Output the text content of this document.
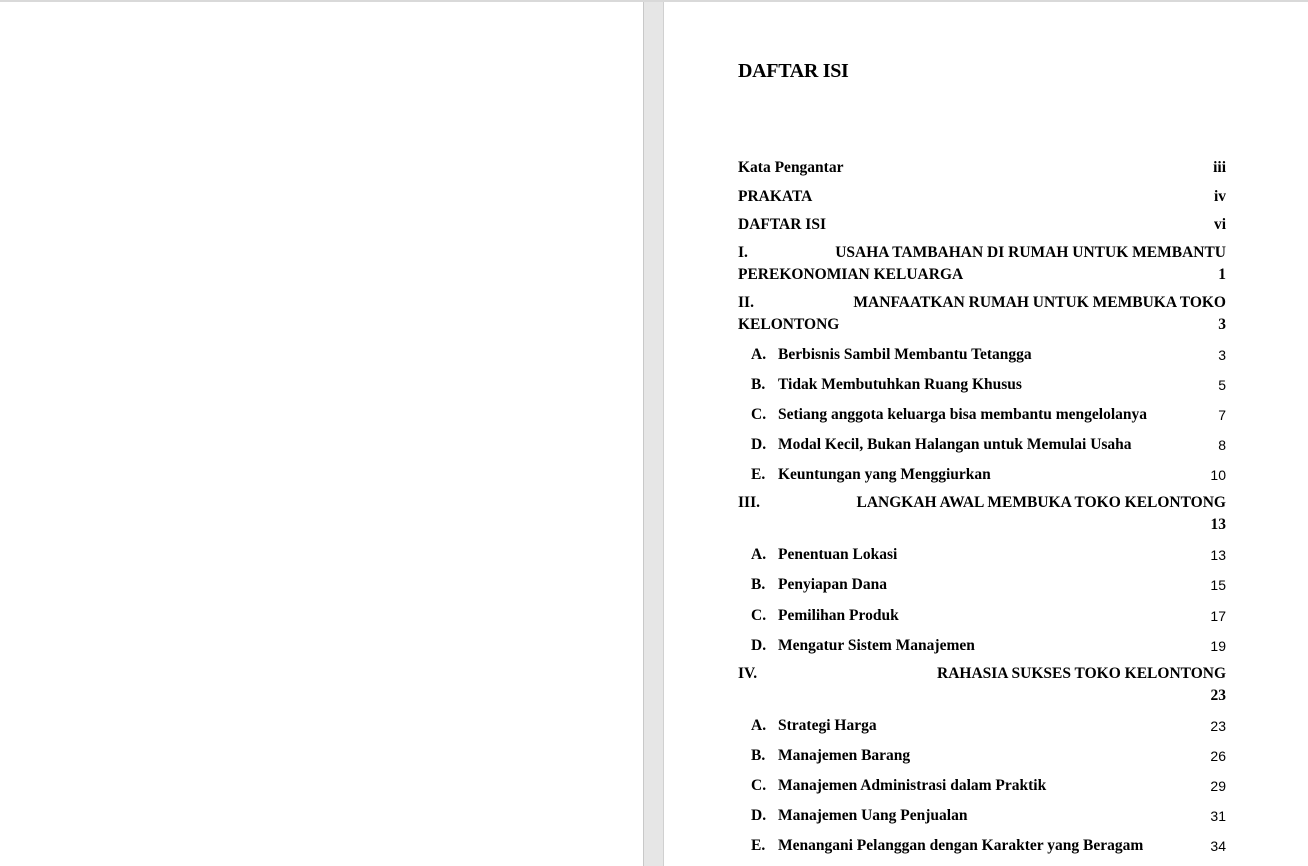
DAFTAR ISI
Kata Pengantar	iii
PRAKATA	iv
DAFTAR ISI	vi
I.	USAHA TAMBAHAN DI RUMAH UNTUK MEMBANTU
PEREKONOMIAN KELUARGA	1
II.	MANFAATKAN RUMAH UNTUK MEMBUKA TOKO
KELONTONG	3
A. Berbisnis Sambil Membantu Tetangga	3
B. Tidak Membutuhkan Ruang Khusus	5
C. Setiang anggota keluarga bisa membantu mengelolanya	7
D. Modal Kecil, Bukan Halangan untuk Memulai Usaha	8
E. Keuntungan yang Menggiurkan	10
III.	LANGKAH AWAL MEMBUKA TOKO KELONTONG
13
A. Penentuan Lokasi	13
B. Penyiapan Dana	15
C. Pemilihan Produk	17
D. Mengatur Sistem Manajemen	19
IV.	RAHASIA SUKSES TOKO KELONTONG
23
A. Strategi Harga	23
B. Manajemen Barang	26
C. Manajemen Administrasi dalam Praktik	29
D. Manajemen Uang Penjualan	31
E. Menangani Pelanggan dengan Karakter yang Beragam	34
